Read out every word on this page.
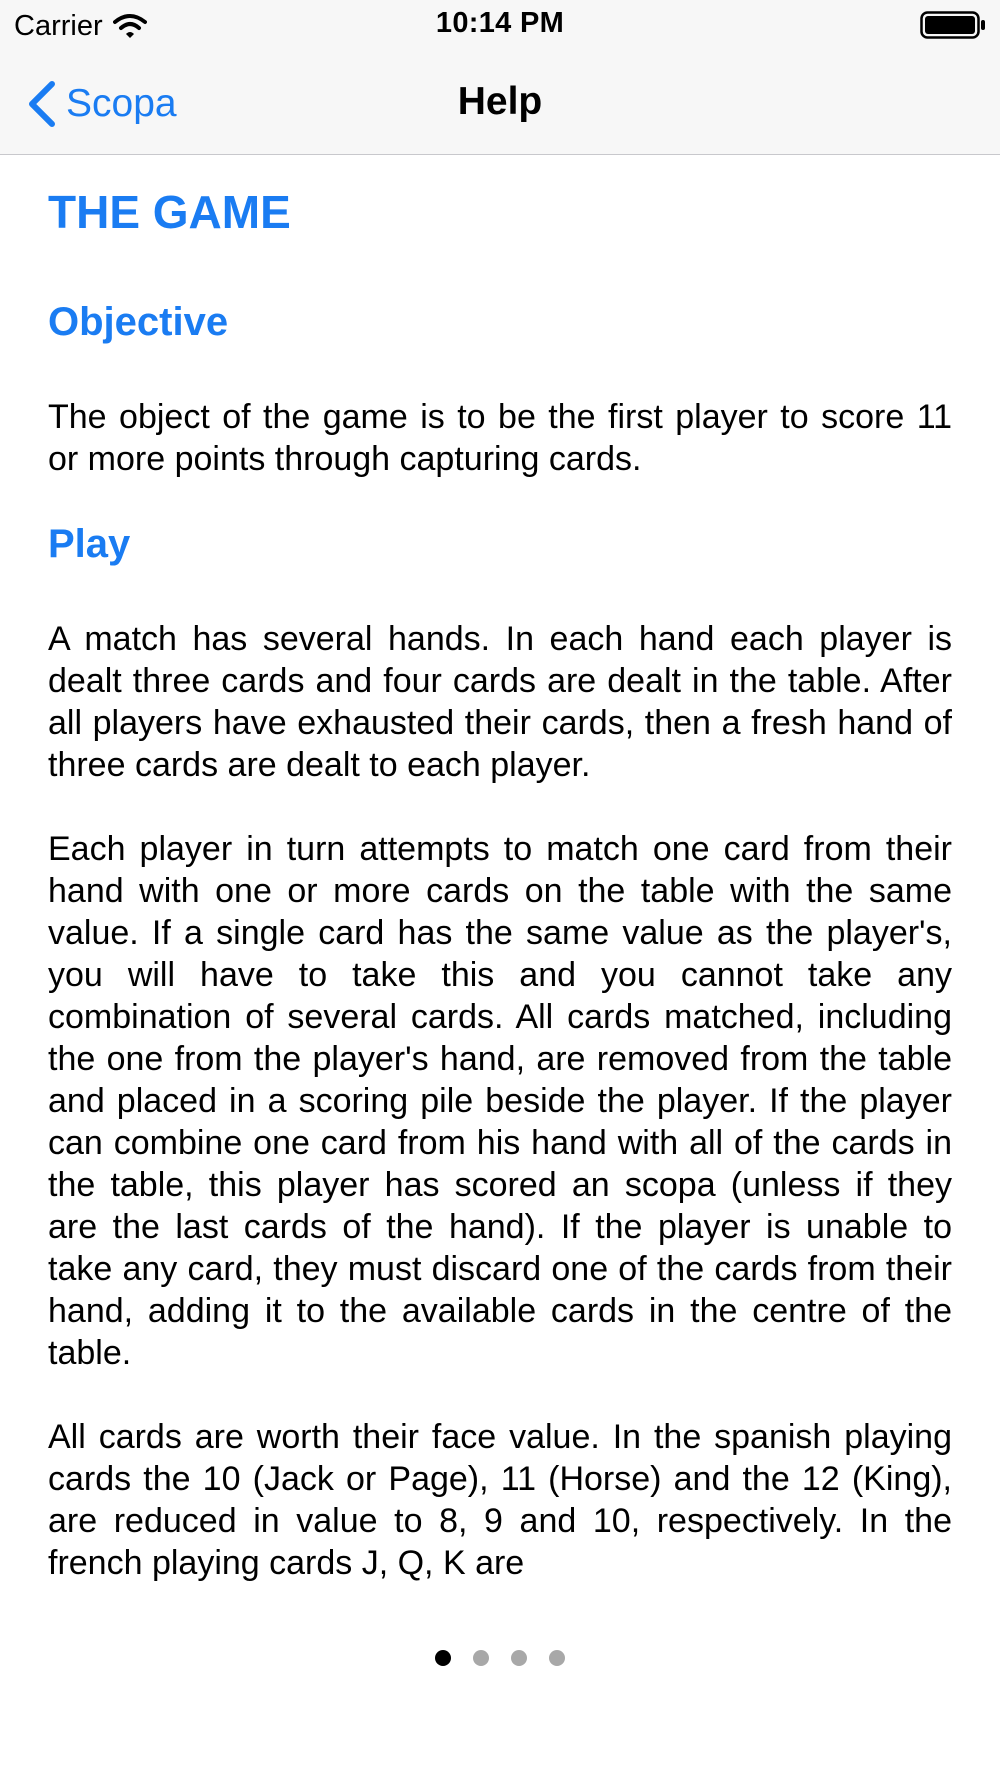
Carrier	10:14 PM
Scopa	Help
THE GAME
Objective

The object of the game is to be the first player to score 11 or more points through capturing cards.

Play

A match has several hands. In each hand each player is dealt three cards and four cards are dealt in the table. After all players have exhausted their cards, then a fresh hand of three cards are dealt to each player.

Each player in turn attempts to match one card from their hand with one or more cards on the table with the same value. If a single card has the same value as the player's, you will have to take this and you cannot take any combination of several cards. All cards matched, including the one from the player's hand, are removed from the table and placed in a scoring pile beside the player. If the player can combine one card from his hand with all of the cards in the table, this player has scored an scopa (unless if they are the last cards of the hand). If the player is unable to take any card, they must discard one of the cards from their hand, adding it to the available cards in the centre of the table.

All cards are worth their face value. In the spanish playing cards the 10 (Jack or Page), 11 (Horse) and the 12 (King), are reduced in value to 8, 9 and 10, respectively. In the french playing cards J, Q, K are
